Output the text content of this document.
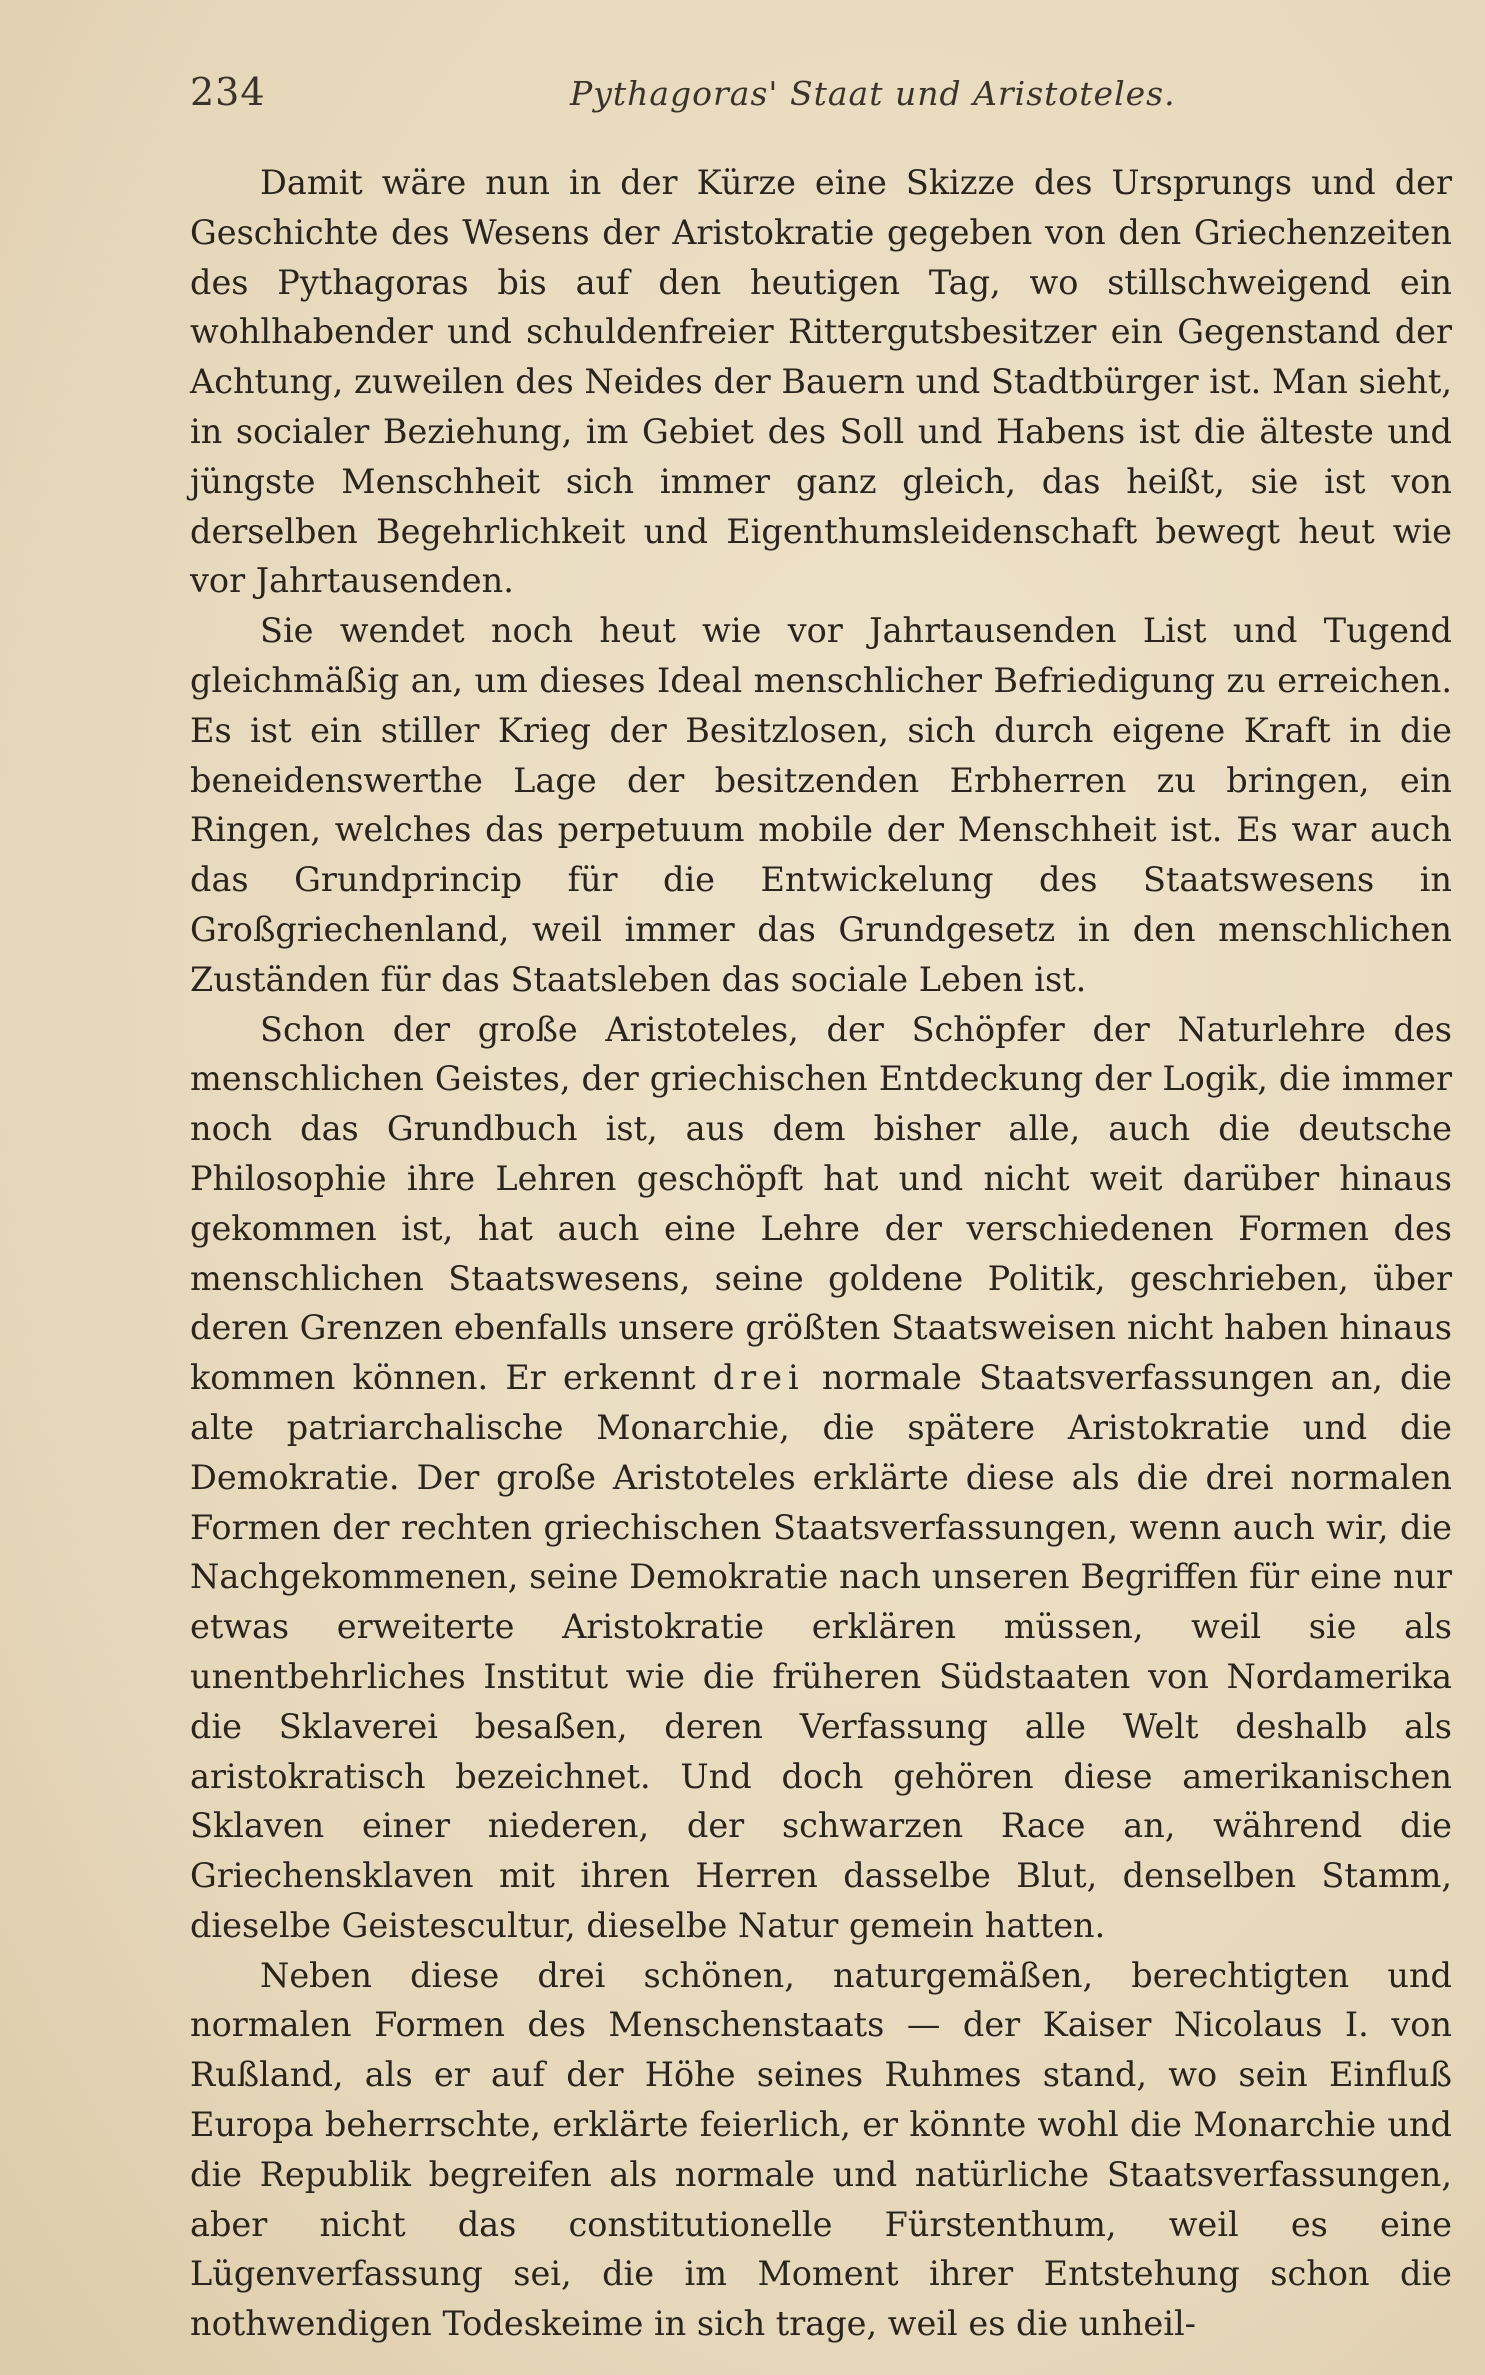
234	Pythagoras' Staat und Aristoteles.

Damit wäre nun in der Kürze eine Skizze des Ursprungs und der Geschichte des Wesens der Aristokratie gegeben von den Griechenzeiten des Pythagoras bis auf den heutigen Tag, wo stillschweigend ein wohlhabender und schuldenfreier Rittergutsbesitzer ein Gegenstand der Achtung, zuweilen des Neides der Bauern und Stadtbürger ist. Man sieht, in socialer Beziehung, im Gebiet des Soll und Habens ist die älteste und jüngste Menschheit sich immer ganz gleich, das heißt, sie ist von derselben Begehrlichkeit und Eigenthumsleidenschaft bewegt heut wie vor Jahrtausenden.

Sie wendet noch heut wie vor Jahrtausenden List und Tugend gleichmäßig an, um dieses Ideal menschlicher Befriedigung zu erreichen. Es ist ein stiller Krieg der Besitzlosen, sich durch eigene Kraft in die beneidenswerthe Lage der besitzenden Erbherren zu bringen, ein Ringen, welches das perpetuum mobile der Menschheit ist. Es war auch das Grundprincip für die Entwickelung des Staatswesens in Großgriechenland, weil immer das Grundgesetz in den menschlichen Zuständen für das Staatsleben das sociale Leben ist.

Schon der große Aristoteles, der Schöpfer der Naturlehre des menschlichen Geistes, der griechischen Entdeckung der Logik, die immer noch das Grundbuch ist, aus dem bisher alle, auch die deutsche Philosophie ihre Lehren geschöpft hat und nicht weit darüber hinaus gekommen ist, hat auch eine Lehre der verschiedenen Formen des menschlichen Staatswesens, seine goldene Politik, geschrieben, über deren Grenzen ebenfalls unsere größten Staatsweisen nicht haben hinaus kommen können. Er erkennt drei normale Staatsverfassungen an, die alte patriarchalische Monarchie, die spätere Aristokratie und die Demokratie. Der große Aristoteles erklärte diese als die drei normalen Formen der rechten griechischen Staatsverfassungen, wenn auch wir, die Nachgekommenen, seine Demokratie nach unseren Begriffen für eine nur etwas erweiterte Aristokratie erklären müssen, weil sie als unentbehrliches Institut wie die früheren Südstaaten von Nordamerika die Sklaverei besaßen, deren Verfassung alle Welt deshalb als aristokratisch bezeichnet. Und doch gehören diese amerikanischen Sklaven einer niederen, der schwarzen Race an, während die Griechensklaven mit ihren Herren dasselbe Blut, denselben Stamm, dieselbe Geistescultur, dieselbe Natur gemein hatten.

Neben diese drei schönen, naturgemäßen, berechtigten und normalen Formen des Menschenstaats — der Kaiser Nicolaus I. von Rußland, als er auf der Höhe seines Ruhmes stand, wo sein Einfluß Europa beherrschte, erklärte feierlich, er könnte wohl die Monarchie und die Republik begreifen als normale und natürliche Staatsverfassungen, aber nicht das constitutionelle Fürstenthum, weil es eine Lügenverfassung sei, die im Moment ihrer Entstehung schon die nothwendigen Todeskeime in sich trage, weil es die unheil-
